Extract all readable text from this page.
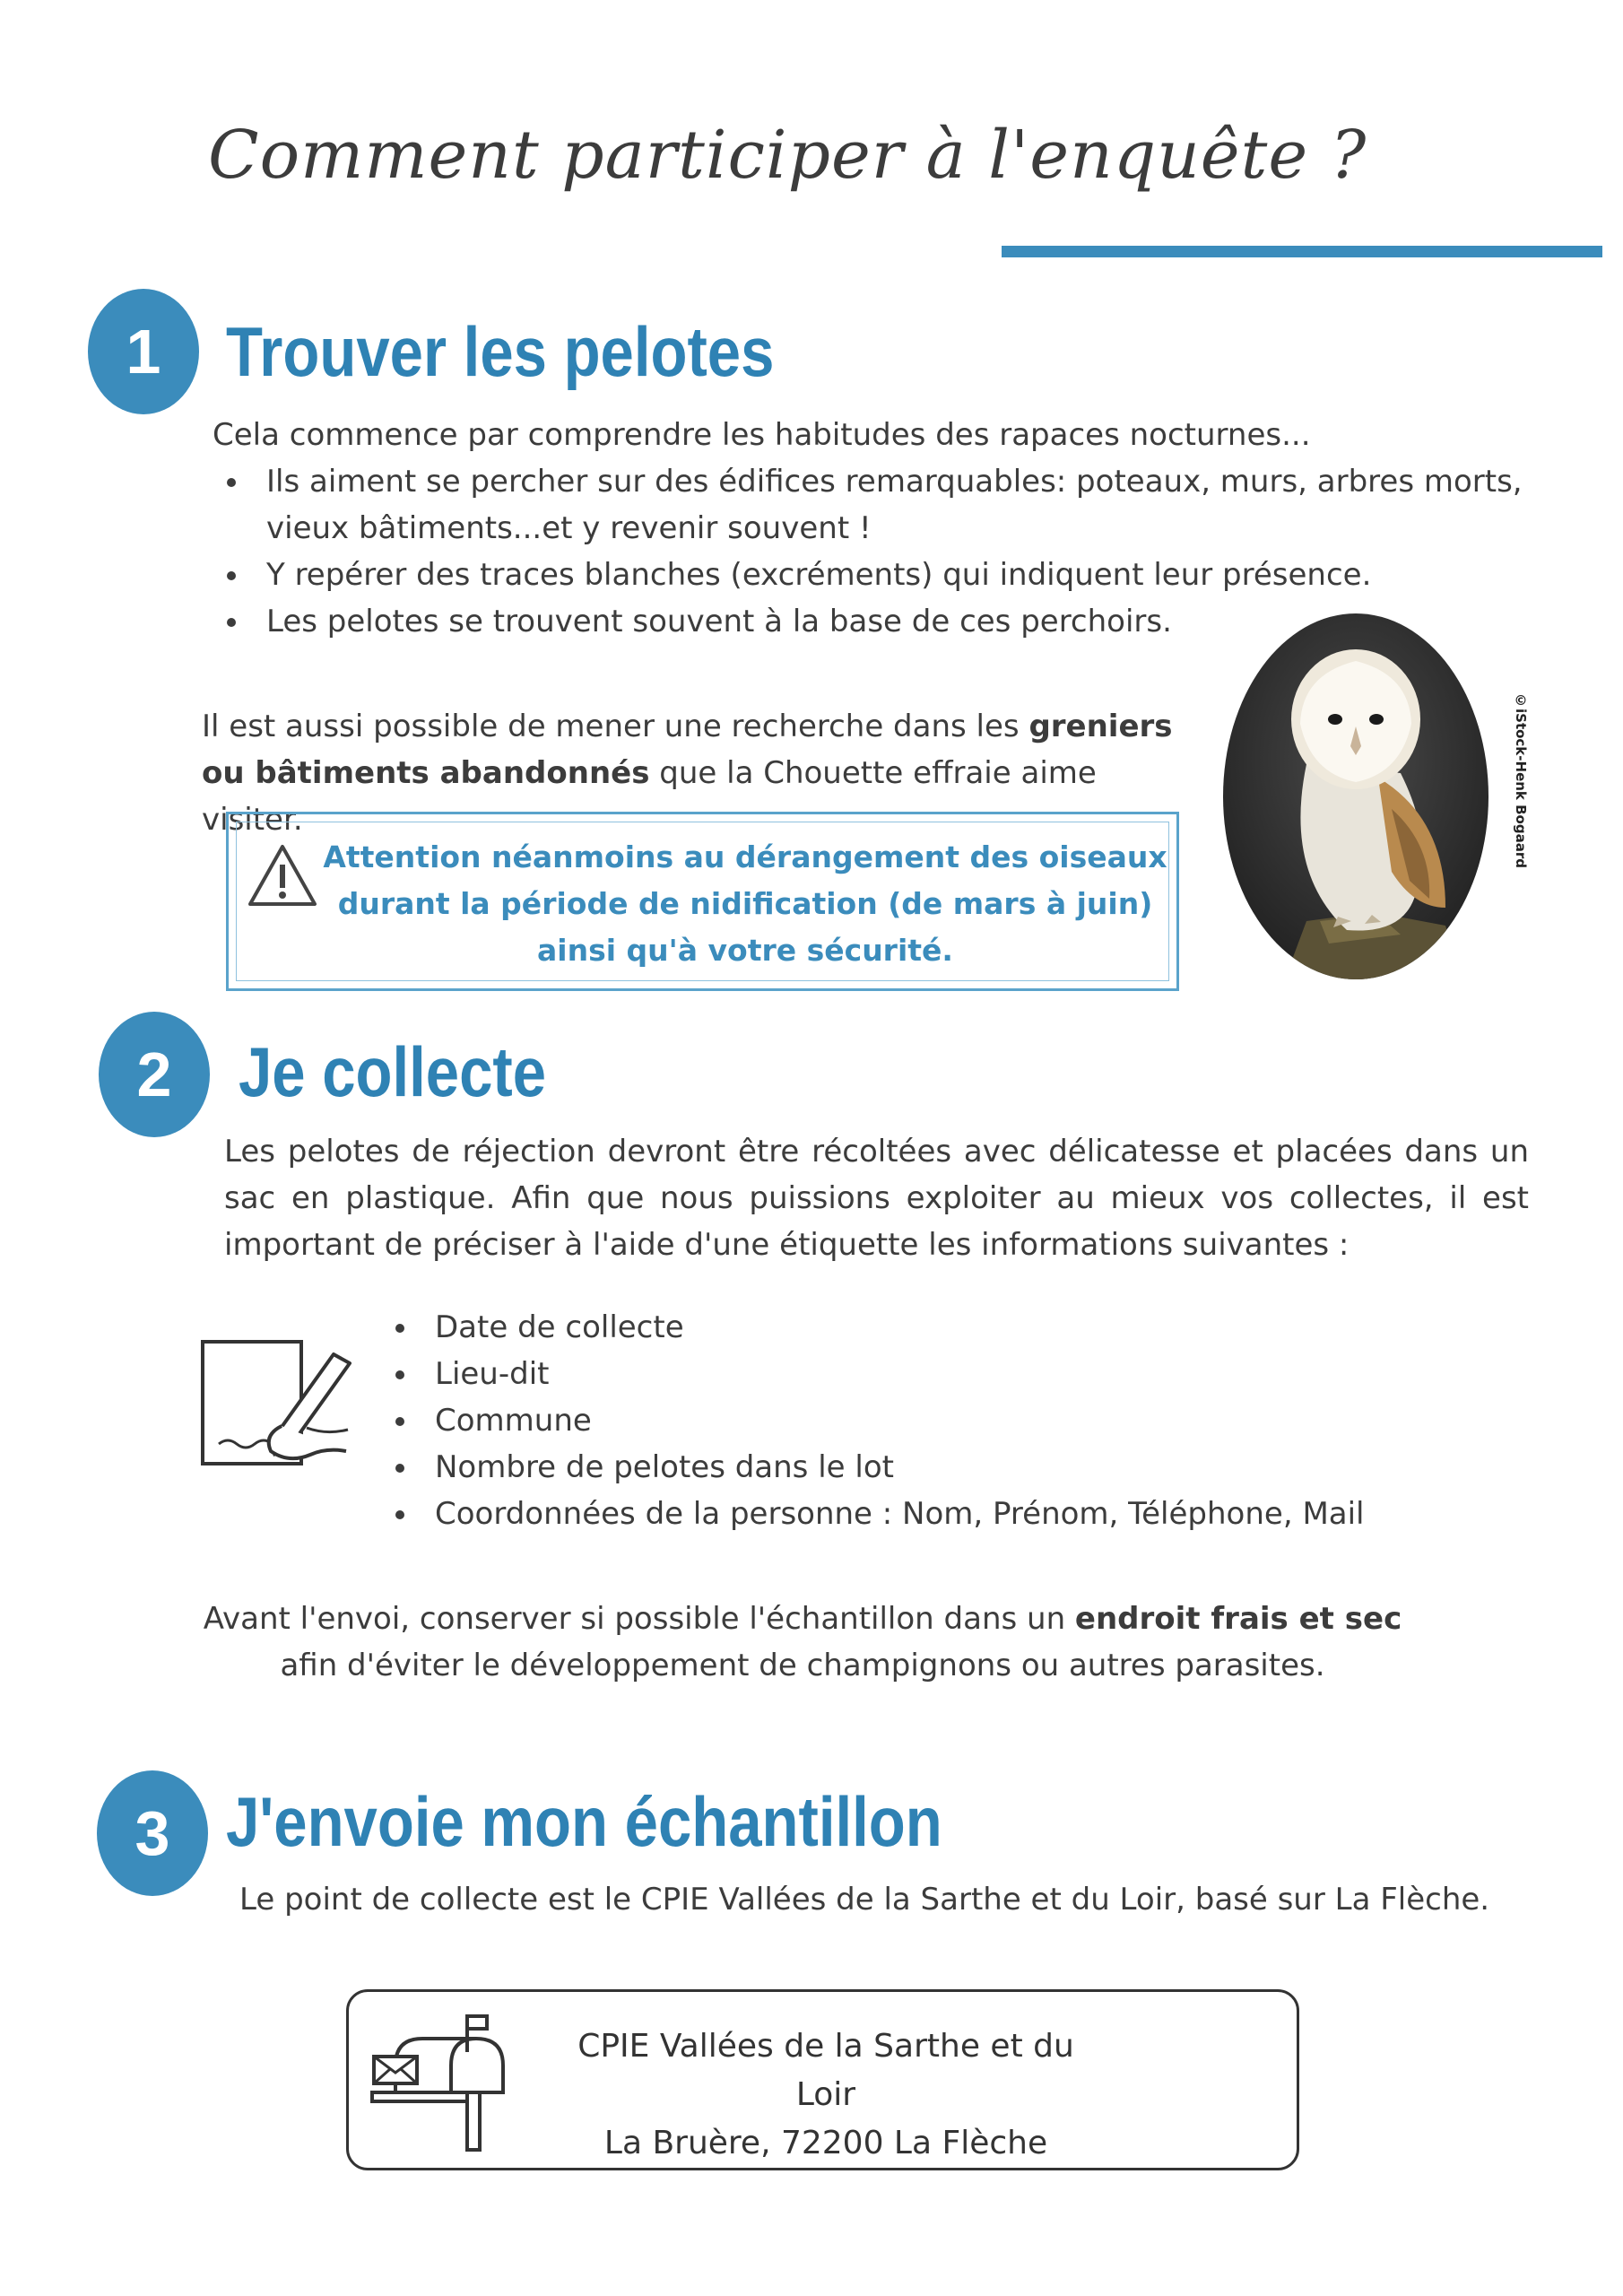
Comment participer à l'enquête ?
1 Trouver les pelotes
Cela commence par comprendre les habitudes des rapaces nocturnes...
Ils aiment se percher sur des édifices remarquables: poteaux, murs, arbres morts, vieux bâtiments...et y revenir souvent !
Y repérer des traces blanches (excréments) qui indiquent leur présence.
Les pelotes se trouvent souvent à la base de ces perchoirs.
Il est aussi possible de mener une recherche dans les greniers ou bâtiments abandonnés que la Chouette effraie aime visiter.
Attention néanmoins au dérangement des oiseaux durant la période de nidification (de mars à juin) ainsi qu'à votre sécurité.
©iStock-Henk Bogaard
2 Je collecte
Les pelotes de réjection devront être récoltées avec délicatesse et placées dans un sac en plastique. Afin que nous puissions exploiter au mieux vos collectes, il est important de préciser à l'aide d'une étiquette les informations suivantes :
Date de collecte
Lieu-dit
Commune
Nombre de pelotes dans le lot
Coordonnées de la personne : Nom, Prénom, Téléphone, Mail
Avant l'envoi, conserver si possible l'échantillon dans un endroit frais et sec afin d'éviter le développement de champignons ou autres parasites.
3 J'envoie mon échantillon
Le point de collecte est le CPIE Vallées de la Sarthe et du Loir, basé sur La Flèche.
CPIE Vallées de la Sarthe et du Loir
La Bruère, 72200 La Flèche
